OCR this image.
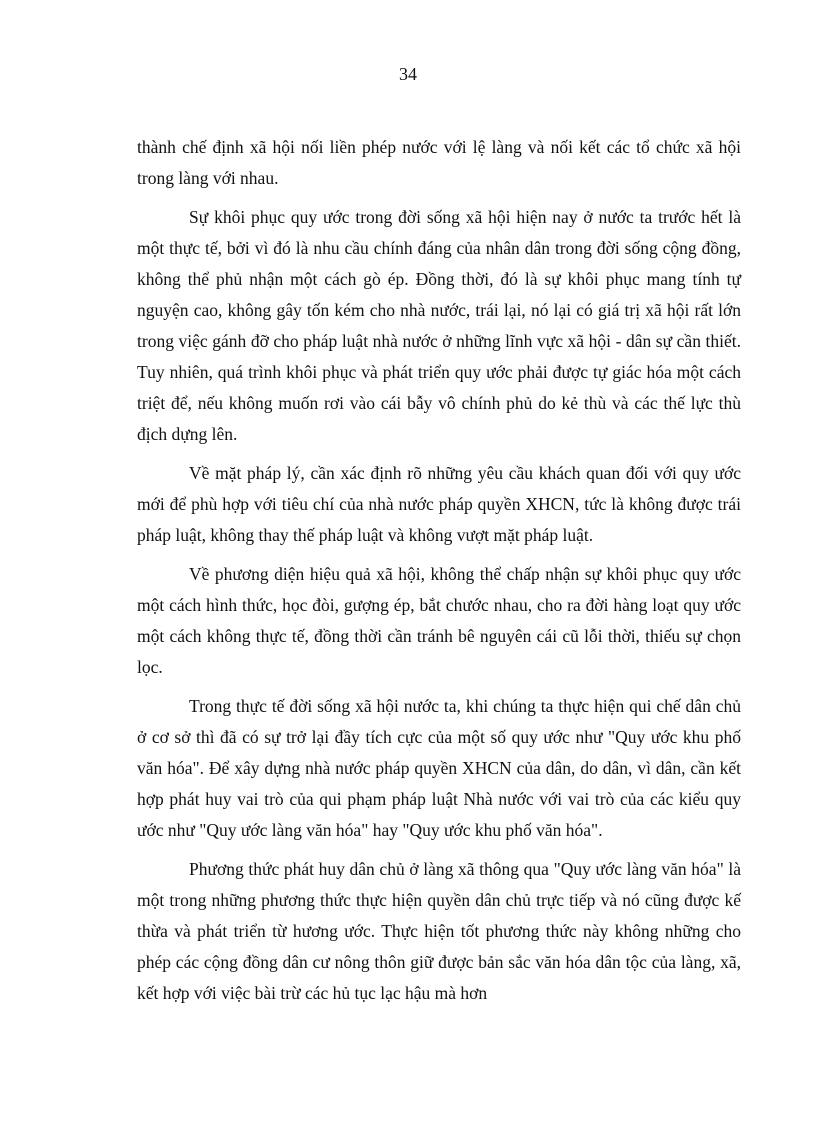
34

thành chế định xã hội nối liền phép nước với lệ làng và nối kết các tổ chức xã hội trong làng với nhau.

Sự khôi phục quy ước trong đời sống xã hội hiện nay ở nước ta trước hết là một thực tế, bởi vì đó là nhu cầu chính đáng của nhân dân trong đời sống cộng đồng, không thể phủ nhận một cách gò ép. Đồng thời, đó là sự khôi phục mang tính tự nguyện cao, không gây tốn kém cho nhà nước, trái lại, nó lại có giá trị xã hội rất lớn trong việc gánh đỡ cho pháp luật nhà nước ở những lĩnh vực xã hội - dân sự cần thiết. Tuy nhiên, quá trình khôi phục và phát triển quy ước phải được tự giác hóa một cách triệt để, nếu không muốn rơi vào cái bẫy vô chính phủ do kẻ thù và các thế lực thù địch dựng lên.

Về mặt pháp lý, cần xác định rõ những yêu cầu khách quan đối với quy ước mới để phù hợp với tiêu chí của nhà nước pháp quyền XHCN, tức là không được trái pháp luật, không thay thế pháp luật và không vượt mặt pháp luật.

Về phương diện hiệu quả xã hội, không thể chấp nhận sự khôi phục quy ước một cách hình thức, học đòi, gượng ép, bắt chước nhau, cho ra đời hàng loạt quy ước một cách không thực tế, đồng thời cần tránh bê nguyên cái cũ lỗi thời, thiếu sự chọn lọc.

Trong thực tế đời sống xã hội nước ta, khi chúng ta thực hiện qui chế dân chủ ở cơ sở thì đã có sự trở lại đầy tích cực của một số quy ước như "Quy ước khu phố văn hóa". Để xây dựng nhà nước pháp quyền XHCN của dân, do dân, vì dân, cần kết hợp phát huy vai trò của qui phạm pháp luật Nhà nước với vai trò của các kiểu quy ước như "Quy ước làng văn hóa" hay "Quy ước khu phố văn hóa".

Phương thức phát huy dân chủ ở làng xã thông qua "Quy ước làng văn hóa" là một trong những phương thức thực hiện quyền dân chủ trực tiếp và nó cũng được kế thừa và phát triển từ hương ước. Thực hiện tốt phương thức này không những cho phép các cộng đồng dân cư nông thôn giữ được bản sắc văn hóa dân tộc của làng, xã, kết hợp với việc bài trừ các hủ tục lạc hậu mà hơn
